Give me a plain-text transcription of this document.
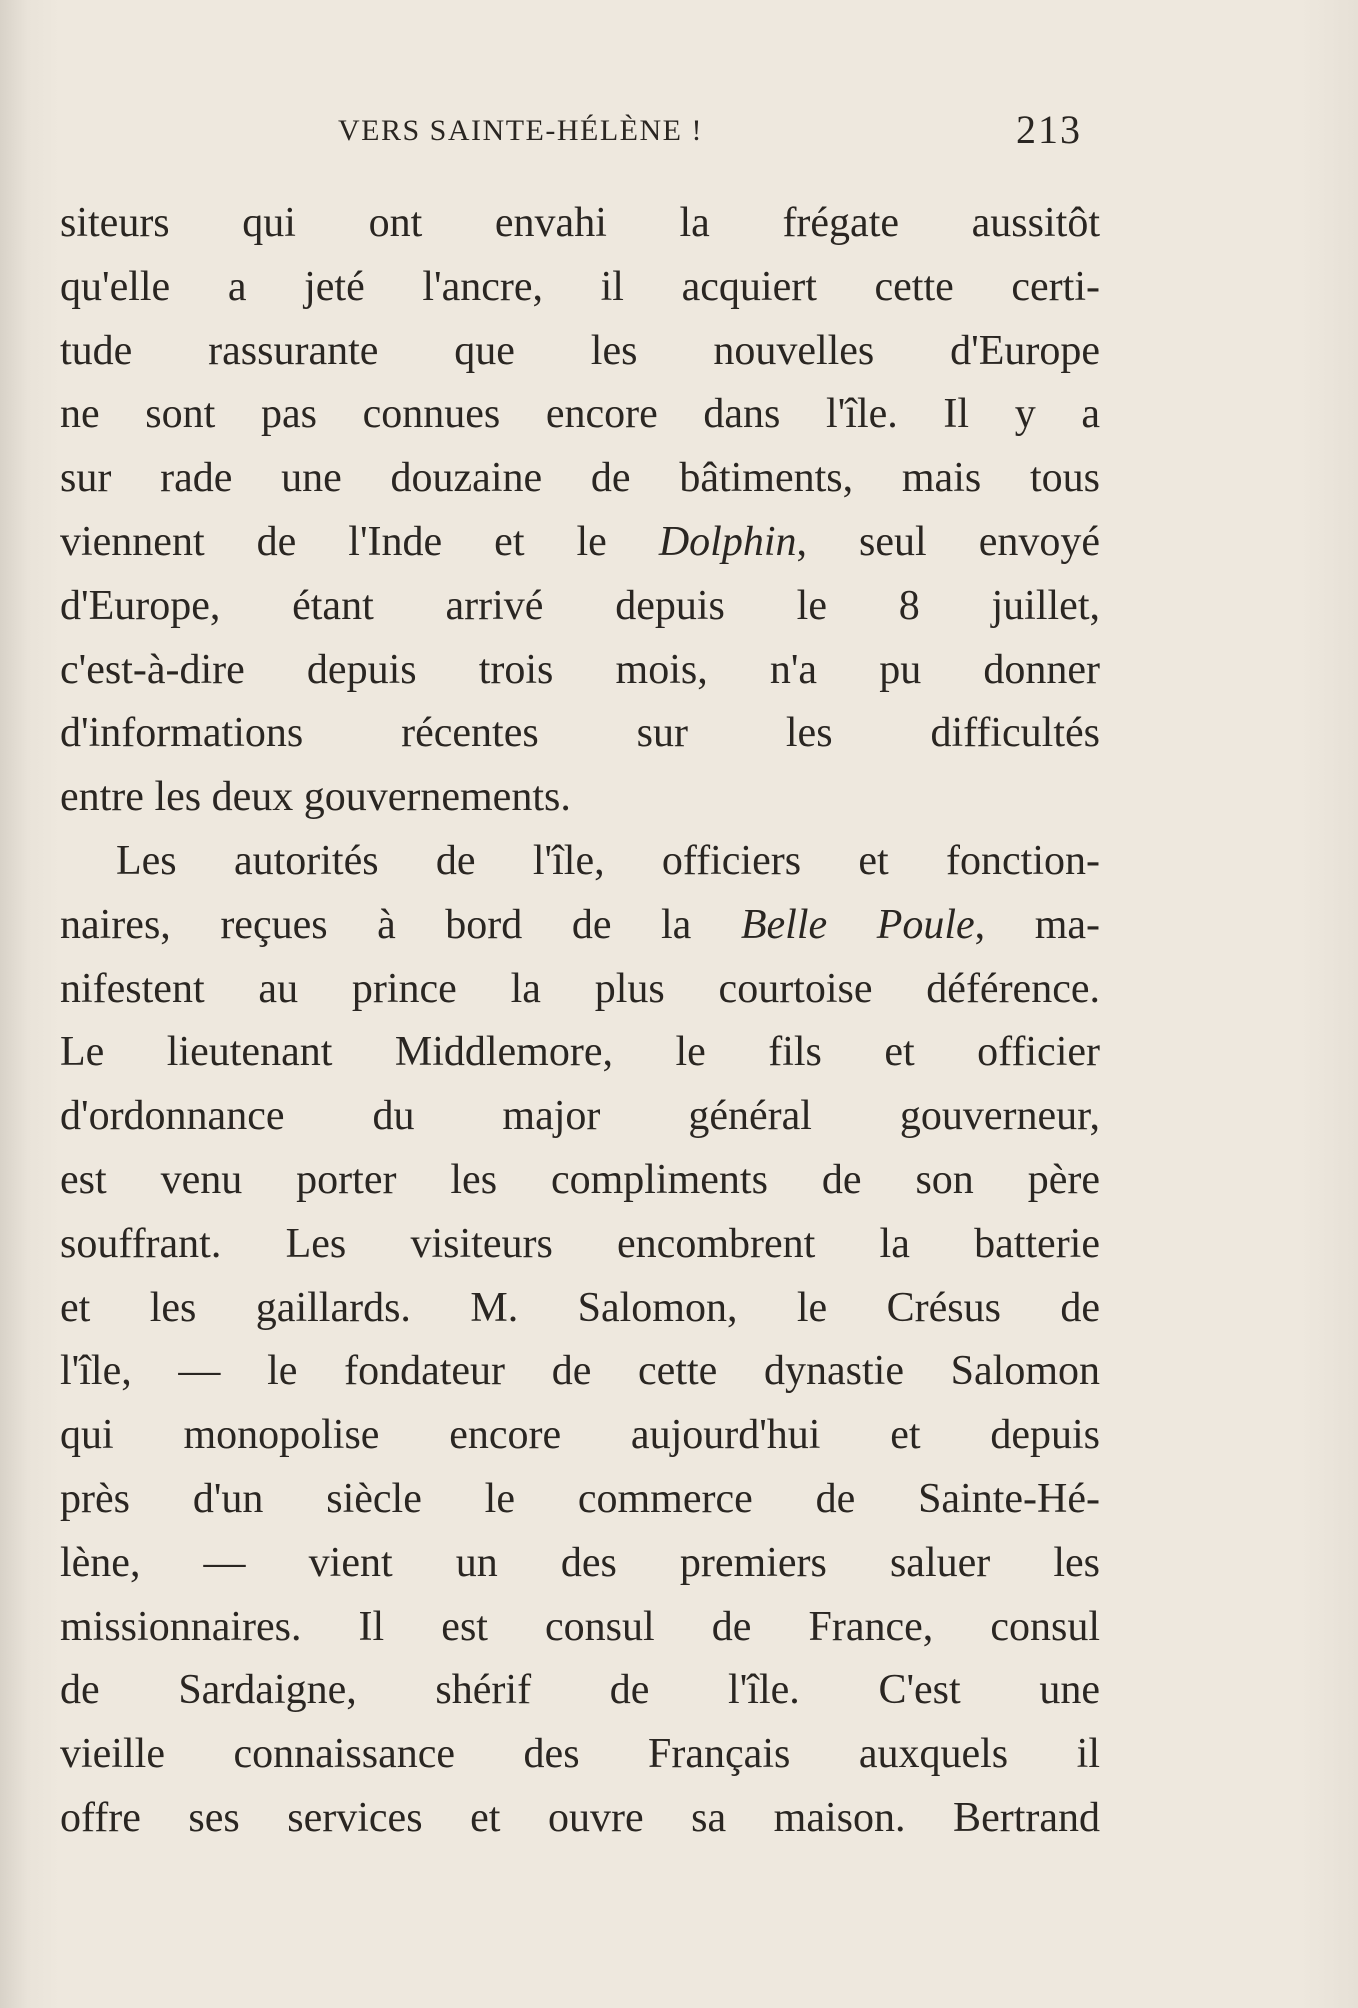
VERS SAINTE-HÉLÈNE !	213
siteurs qui ont envahi la frégate aussitôt
qu'elle a jeté l'ancre, il acquiert cette certi-
tude rassurante que les nouvelles d'Europe
ne sont pas connues encore dans l'île. Il y a
sur rade une douzaine de bâtiments, mais tous
viennent de l'Inde et le Dolphin, seul envoyé
d'Europe, étant arrivé depuis le 8 juillet,
c'est-à-dire depuis trois mois, n'a pu donner
d'informations récentes sur les difficultés
entre les deux gouvernements.
Les autorités de l'île, officiers et fonction-
naires, reçues à bord de la Belle Poule, ma-
nifestent au prince la plus courtoise déférence.
Le lieutenant Middlemore, le fils et officier
d'ordonnance du major général gouverneur,
est venu porter les compliments de son père
souffrant. Les visiteurs encombrent la batterie
et les gaillards. M. Salomon, le Crésus de
l'île, — le fondateur de cette dynastie Salomon
qui monopolise encore aujourd'hui et depuis
près d'un siècle le commerce de Sainte-Hé-
lène, — vient un des premiers saluer les
missionnaires. Il est consul de France, consul
de Sardaigne, shérif de l'île. C'est une
vieille connaissance des Français auxquels il
offre ses services et ouvre sa maison. Bertrand
